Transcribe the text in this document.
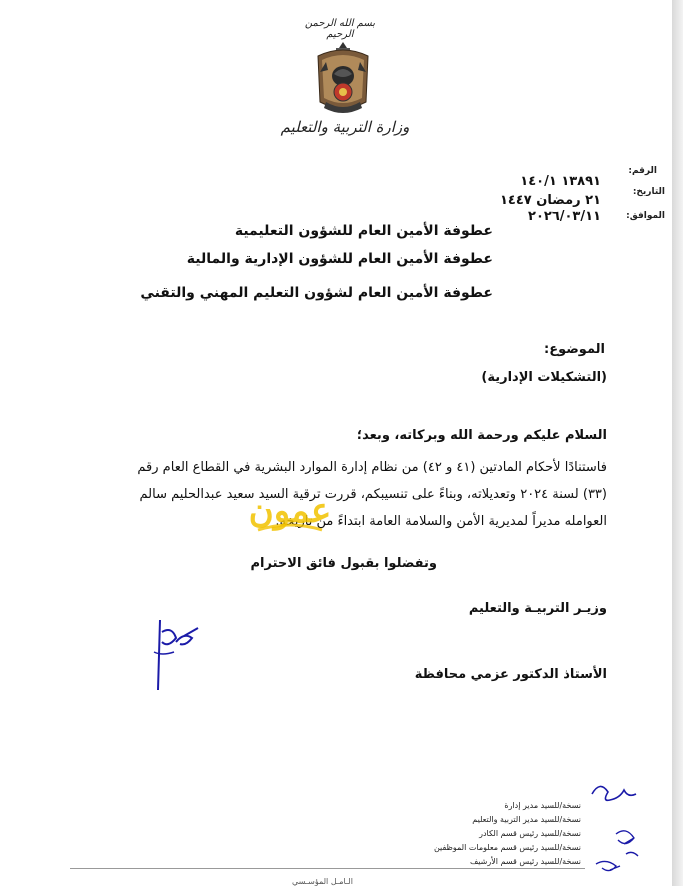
بسم الله الرحمن الرحيم
وزارة التربية والتعليم
الرقم:
١٣٨٩١ ١٤٠/١
التاريخ:
٢١ رمضان ١٤٤٧
الموافق:
٢٠٢٦/٠٣/١١
عطوفة الأمين العام للشؤون التعليمية
عطوفة الأمين العام للشؤون الإدارية والمالية
عطوفة الأمين العام لشؤون التعليم المهني والتقني
الموضوع:
(التشكيلات الإدارية)
السلام عليكم ورحمة الله وبركاته، وبعد؛
فاستنادًا لأحكام المادتين (٤١ و ٤٢) من نظام إدارة الموارد البشرية في القطاع العام رقم
(٣٣) لسنة ٢٠٢٤ وتعديلاته، وبناءً على تنسيبكم، قررت ترقية السيد سعيد عبدالحليم سالم
العوامله مديراً لمديرية الأمن والسلامة العامة ابتداءً من تاريخه.
عمون
وتفضلوا بقبول فائق الاحترام
وزيـر التربيـة والتعليم
الأستاذ الدكتور عزمي محافظة
نسخة/للسيد مدير إدارة
نسخة/للسيد مدير التربية والتعليم
نسخة/للسيد رئيس قسم الكادر
نسخة/للسيد رئيس قسم معلومات الموظفين
نسخة/للسيد رئيس قسم الأرشيف
الـامـل المؤسـسي
